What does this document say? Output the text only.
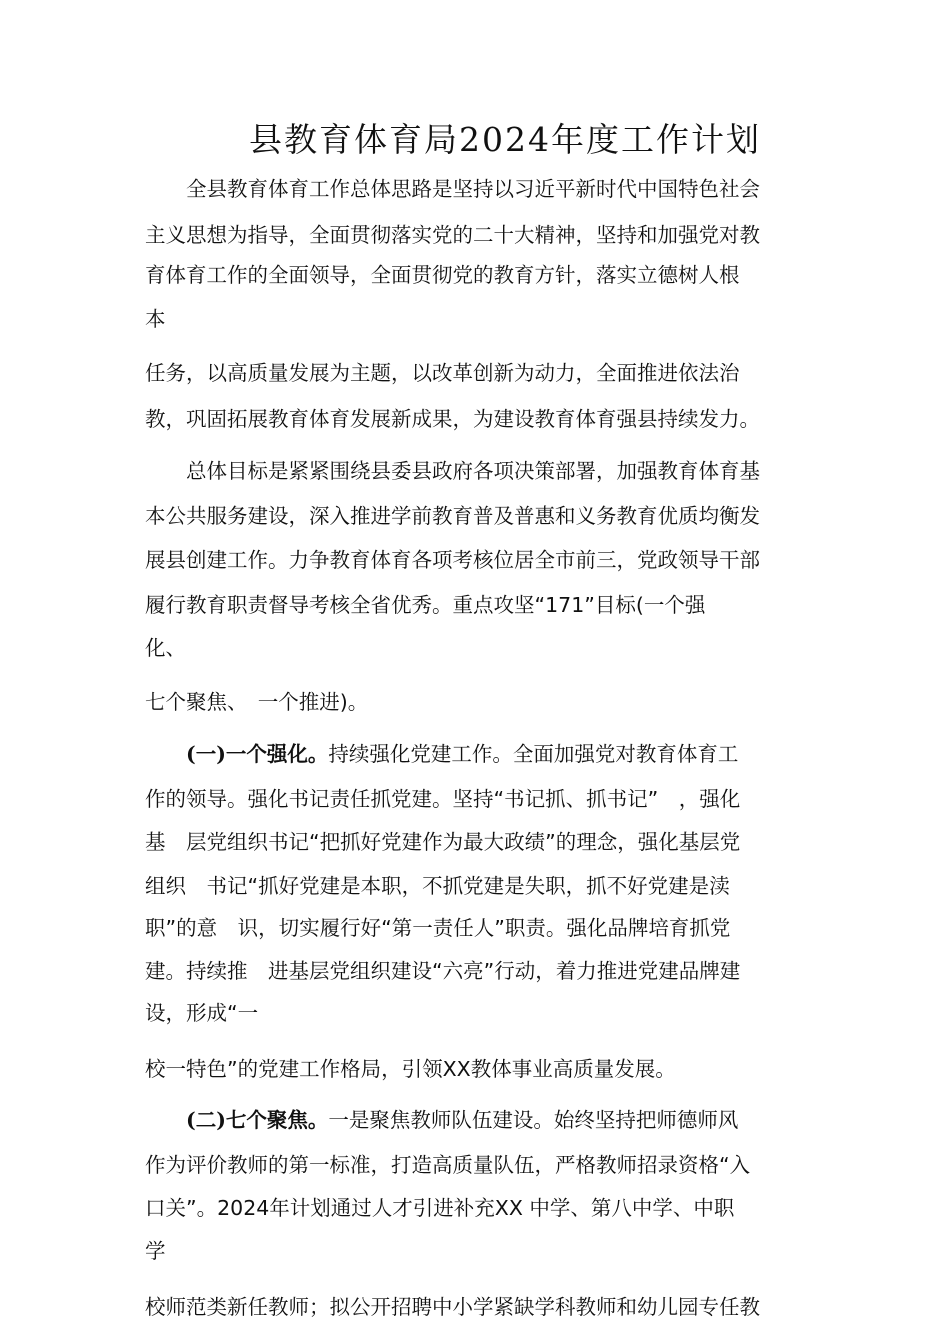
县教育体育局2024年度工作计划
全县教育体育工作总体思路是坚持以习近平新时代中国特色社会
主义思想为指导，全面贯彻落实党的二十大精神，坚持和加强党对教
育体育工作的全面领导，全面贯彻党的教育方针，落实立德树人根
本
任务，以高质量发展为主题，以改革创新为动力，全面推进依法治
教，巩固拓展教育体育发展新成果，为建设教育体育强县持续发力。
总体目标是紧紧围绕县委县政府各项决策部署，加强教育体育基
本公共服务建设，深入推进学前教育普及普惠和义务教育优质均衡发
展县创建工作。力争教育体育各项考核位居全市前三，党政领导干部
履行教育职责督导考核全省优秀。重点攻坚“171”目标(一个强
化、
七个聚焦、　一个推进)。
(一)一个强化。持续强化党建工作。全面加强党对教育体育工
作的领导。强化书记责任抓党建。坚持“书记抓、抓书记”　，强化
基　层党组织书记“把抓好党建作为最大政绩”的理念，强化基层党
组织　书记“抓好党建是本职，不抓党建是失职，抓不好党建是渎
职”的意　识，切实履行好“第一责任人”职责。强化品牌培育抓党
建。持续推　进基层党组织建设“六亮”行动，着力推进党建品牌建
设，形成“一
校一特色”的党建工作格局，引领XX教体事业高质量发展。
(二)七个聚焦。一是聚焦教师队伍建设。始终坚持把师德师风
作为评价教师的第一标准，打造高质量队伍，严格教师招录资格“入
口关”。2024年计划通过人才引进补充XX 中学、第八中学、中职
学
校师范类新任教师；拟公开招聘中小学紧缺学科教师和幼儿园专任教
